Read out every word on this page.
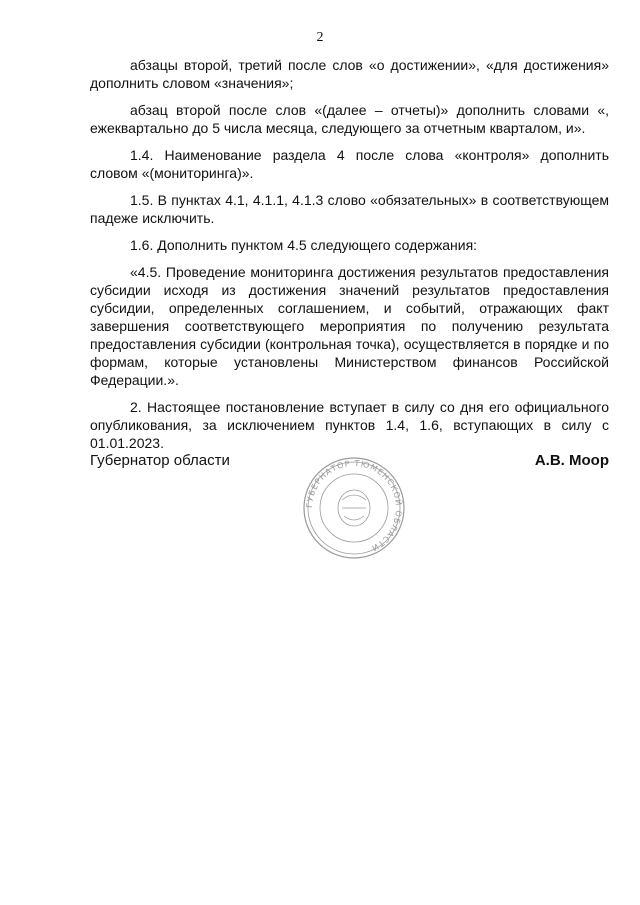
2

абзацы второй, третий после слов «о достижении», «для достижения» дополнить словом «значения»;

абзац второй после слов «(далее – отчеты)» дополнить словами «, ежеквартально до 5 числа месяца, следующего за отчетным кварталом, и».

1.4. Наименование раздела 4 после слова «контроля» дополнить словом «(мониторинга)».

1.5. В пунктах 4.1, 4.1.1, 4.1.3 слово «обязательных» в соответствующем падеже исключить.

1.6. Дополнить пунктом 4.5 следующего содержания:

«4.5. Проведение мониторинга достижения результатов предоставления субсидии исходя из достижения значений результатов предоставления субсидии, определенных соглашением, и событий, отражающих факт завершения соответствующего мероприятия по получению результата предоставления субсидии (контрольная точка), осуществляется в порядке и по формам, которые установлены Министерством финансов Российской Федерации.».

2. Настоящее постановление вступает в силу со дня его официального опубликования, за исключением пунктов 1.4, 1.6, вступающих в силу с 01.01.2023.

Губернатор области	А.В. Моор
ГУБЕРНАТОР ТЮМЕНСКОЙ ОБЛАСТИ
